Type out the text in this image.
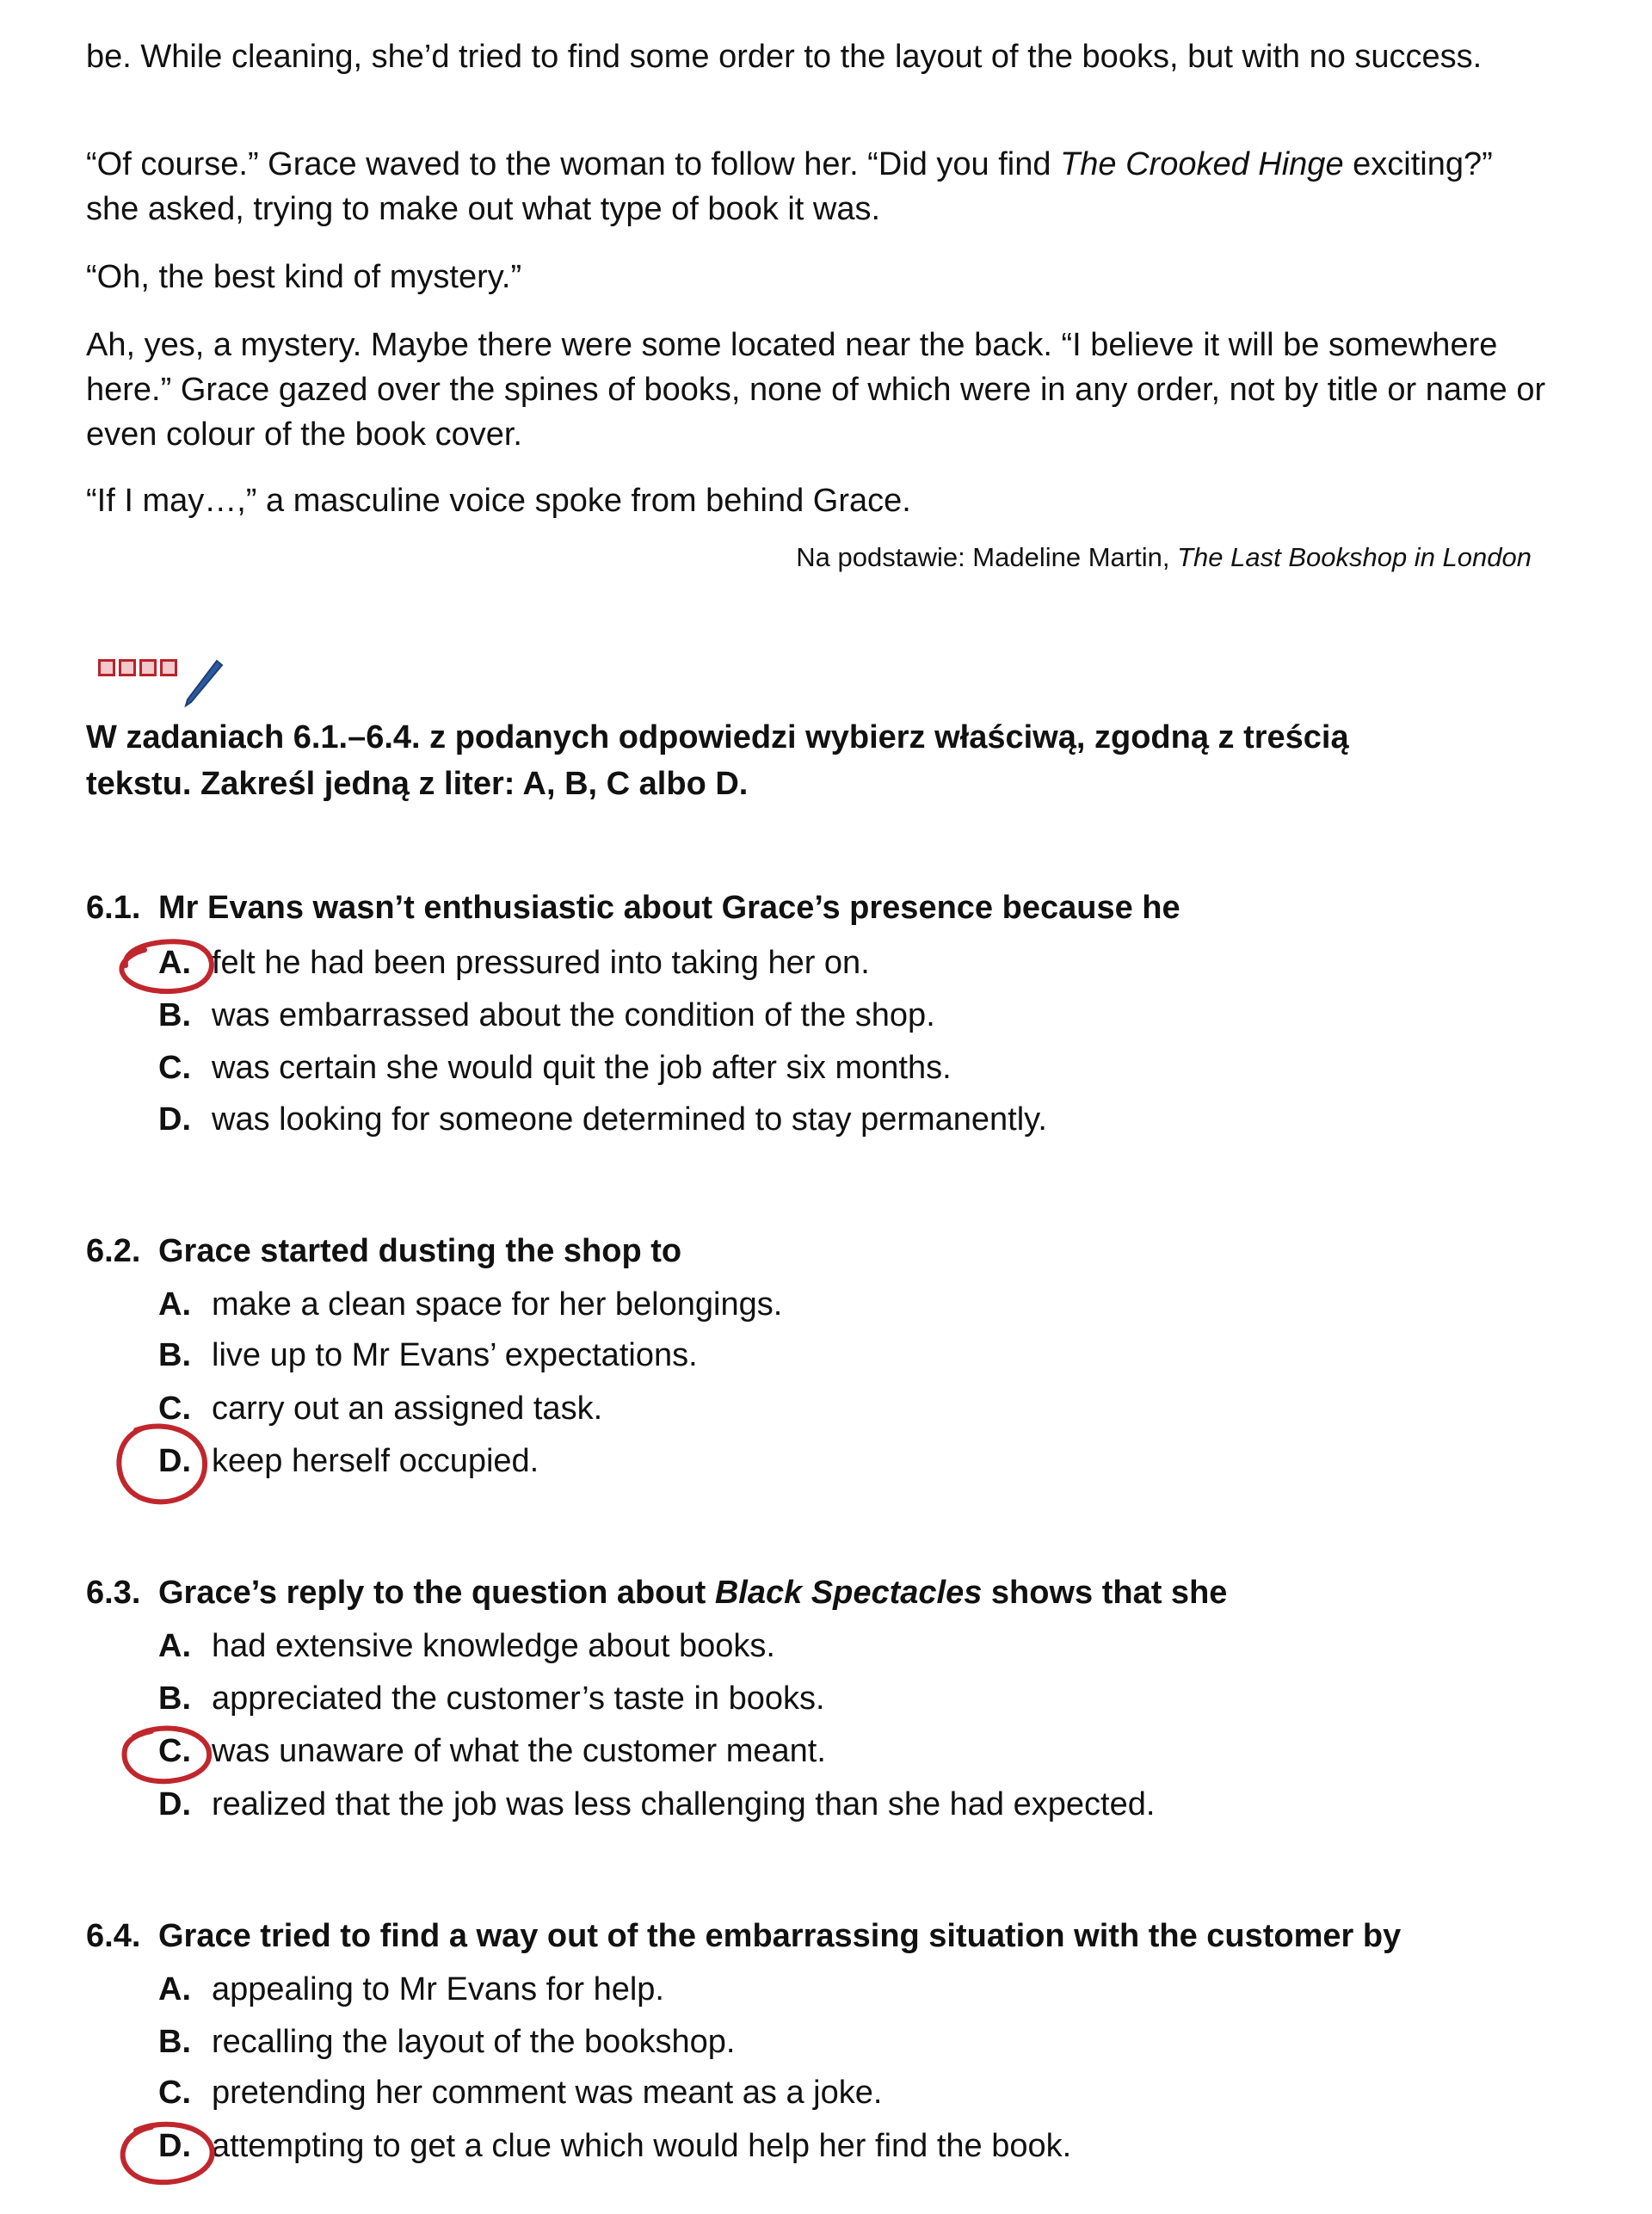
be. While cleaning, she’d tried to find some order to the layout of the books, but with no success.

“Of course.” Grace waved to the woman to follow her. “Did you find The Crooked Hinge exciting?” she asked, trying to make out what type of book it was.

“Oh, the best kind of mystery.”

Ah, yes, a mystery. Maybe there were some located near the back. “I believe it will be somewhere here.” Grace gazed over the spines of books, none of which were in any order, not by title or name or even colour of the book cover.

“If I may…,” a masculine voice spoke from behind Grace.

Na podstawie: Madeline Martin, The Last Bookshop in London

W zadaniach 6.1.–6.4. z podanych odpowiedzi wybierz właściwą, zgodną z treścią
tekstu. Zakreśl jedną z liter: A, B, C albo D.

6.1. Mr Evans wasn’t enthusiastic about Grace’s presence because he

A. felt he had been pressured into taking her on.

B. was embarrassed about the condition of the shop.

C. was certain she would quit the job after six months.

D. was looking for someone determined to stay permanently.

6.2. Grace started dusting the shop to

A. make a clean space for her belongings.

B. live up to Mr Evans’ expectations.

C. carry out an assigned task.

D. keep herself occupied.

6.3. Grace’s reply to the question about Black Spectacles shows that she

A. had extensive knowledge about books.

B. appreciated the customer’s taste in books.

C. was unaware of what the customer meant.

D. realized that the job was less challenging than she had expected.

6.4. Grace tried to find a way out of the embarrassing situation with the customer by

A. appealing to Mr Evans for help.

B. recalling the layout of the bookshop.

C. pretending her comment was meant as a joke.

D. attempting to get a clue which would help her find the book.
